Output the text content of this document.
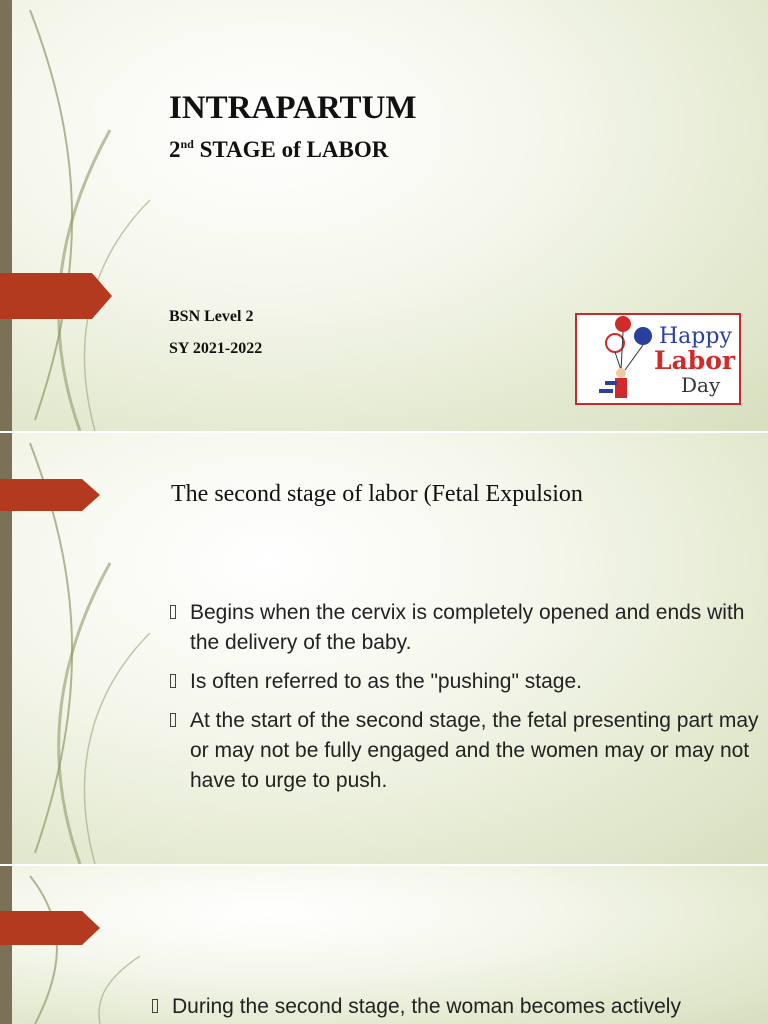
INTRAPARTUM
2nd STAGE of LABOR
BSN Level 2
SY 2021-2022	Happy
Labor
Day
The second stage of labor (Fetal Expulsion
Begins when the cervix is completely opened and ends with the delivery of the baby.
Is often referred to as the "pushing" stage.
At the start of the second stage, the fetal presenting part may or may not be fully engaged and the women may or may not have to urge to push.
During the second stage, the woman becomes actively
